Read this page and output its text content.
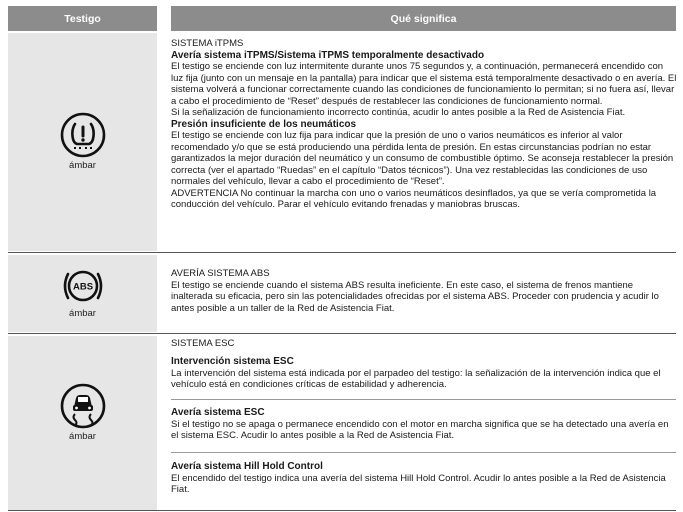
Testigo	Qué significa
ámbar

SISTEMA iTPMS

Avería sistema iTPMS/Sistema iTPMS temporalmente desactivado

El testigo se enciende con luz intermitente durante unos 75 segundos y, a continuación, permanecerá encendido con luz fija (junto con un mensaje en la pantalla) para indicar que el sistema está temporalmente desactivado o en avería. El sistema volverá a funcionar correctamente cuando las condiciones de funcionamiento lo permitan; si no fuera así, llevar a cabo el procedimiento de “Reset” después de restablecer las condiciones de funcionamiento normal.

Si la señalización de funcionamiento incorrecto continúa, acudir lo antes posible a la Red de Asistencia Fiat.

Presión insuficiente de los neumáticos

El testigo se enciende con luz fija para indicar que la presión de uno o varios neumáticos es inferior al valor recomendado y/o que se está produciendo una pérdida lenta de presión. En estas circunstancias podrían no estar garantizados la mejor duración del neumático y un consumo de combustible óptimo. Se aconseja restablecer la presión correcta (ver el apartado “Ruedas” en el capítulo “Datos técnicos”). Una vez restablecidas las condiciones de uso normales del vehículo, llevar a cabo el procedimiento de “Reset”.

ADVERTENCIA No continuar la marcha con uno o varios neumáticos desinflados, ya que se vería comprometida la conducción del vehículo. Parar el vehículo evitando frenadas y maniobras bruscas.

ABS
ámbar

AVERÍA SISTEMA ABS

El testigo se enciende cuando el sistema ABS resulta ineficiente. En este caso, el sistema de frenos mantiene inalterada su eficacia, pero sin las potencialidades ofrecidas por el sistema ABS. Proceder con prudencia y acudir lo antes posible a un taller de la Red de Asistencia Fiat.

ámbar

SISTEMA ESC

Intervención sistema ESC

La intervención del sistema está indicada por el parpadeo del testigo: la señalización de la intervención indica que el vehículo está en condiciones críticas de estabilidad y adherencia.

Avería sistema ESC

Si el testigo no se apaga o permanece encendido con el motor en marcha significa que se ha detectado una avería en el sistema ESC. Acudir lo antes posible a la Red de Asistencia Fiat.

Avería sistema Hill Hold Control

El encendido del testigo indica una avería del sistema Hill Hold Control. Acudir lo antes posible a la Red de Asistencia Fiat.
